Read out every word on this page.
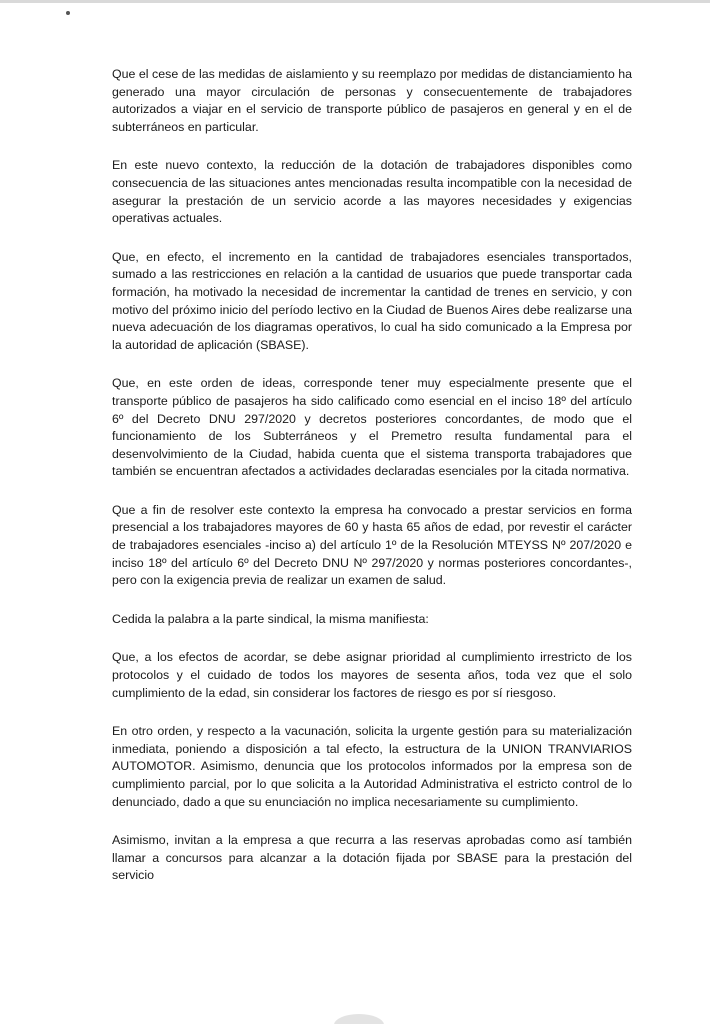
Que el cese de las medidas de aislamiento y su reemplazo por medidas de distanciamiento ha generado una mayor circulación de personas y consecuentemente de trabajadores autorizados a viajar en el servicio de transporte público de pasajeros en general y en el de subterráneos en particular.

En este nuevo contexto, la reducción de la dotación de trabajadores disponibles como consecuencia de las situaciones antes mencionadas resulta incompatible con la necesidad de asegurar la prestación de un servicio acorde a las mayores necesidades y exigencias operativas actuales.

Que, en efecto, el incremento en la cantidad de trabajadores esenciales transportados, sumado a las restricciones en relación a la cantidad de usuarios que puede transportar cada formación, ha motivado la necesidad de incrementar la cantidad de trenes en servicio, y con motivo del próximo inicio del período lectivo en la Ciudad de Buenos Aires debe realizarse una nueva adecuación de los diagramas operativos, lo cual ha sido comunicado a la Empresa por la autoridad de aplicación (SBASE).

Que, en este orden de ideas, corresponde tener muy especialmente presente que el transporte público de pasajeros ha sido calificado como esencial en el inciso 18º del artículo 6º del Decreto DNU 297/2020 y decretos posteriores concordantes, de modo que el funcionamiento de los Subterráneos y el Premetro resulta fundamental para el desenvolvimiento de la Ciudad, habida cuenta que el sistema transporta trabajadores que también se encuentran afectados a actividades declaradas esenciales por la citada normativa.

Que a fin de resolver este contexto la empresa ha convocado a prestar servicios en forma presencial a los trabajadores mayores de 60 y hasta 65 años de edad, por revestir el carácter de trabajadores esenciales -inciso a) del artículo 1º de la Resolución MTEYSS Nº 207/2020 e inciso 18º del artículo 6º del Decreto DNU Nº 297/2020 y normas posteriores concordantes-, pero con la exigencia previa de realizar un examen de salud.

Cedida la palabra a la parte sindical, la misma manifiesta:

Que, a los efectos de acordar, se debe asignar prioridad al cumplimiento irrestricto de los protocolos y el cuidado de todos los mayores de sesenta años, toda vez que el solo cumplimiento de la edad, sin considerar los factores de riesgo es por sí riesgoso.

En otro orden, y respecto a la vacunación, solicita la urgente gestión para su materialización inmediata, poniendo a disposición a tal efecto, la estructura de la UNION TRANVIARIOS AUTOMOTOR. Asimismo, denuncia que los protocolos informados por la empresa son de cumplimiento parcial, por lo que solicita a la Autoridad Administrativa el estricto control de lo denunciado, dado a que su enunciación no implica necesariamente su cumplimiento.

Asimismo, invitan a la empresa a que recurra a las reservas aprobadas como así también llamar a concursos para alcanzar a la dotación fijada por SBASE para la prestación del servicio
